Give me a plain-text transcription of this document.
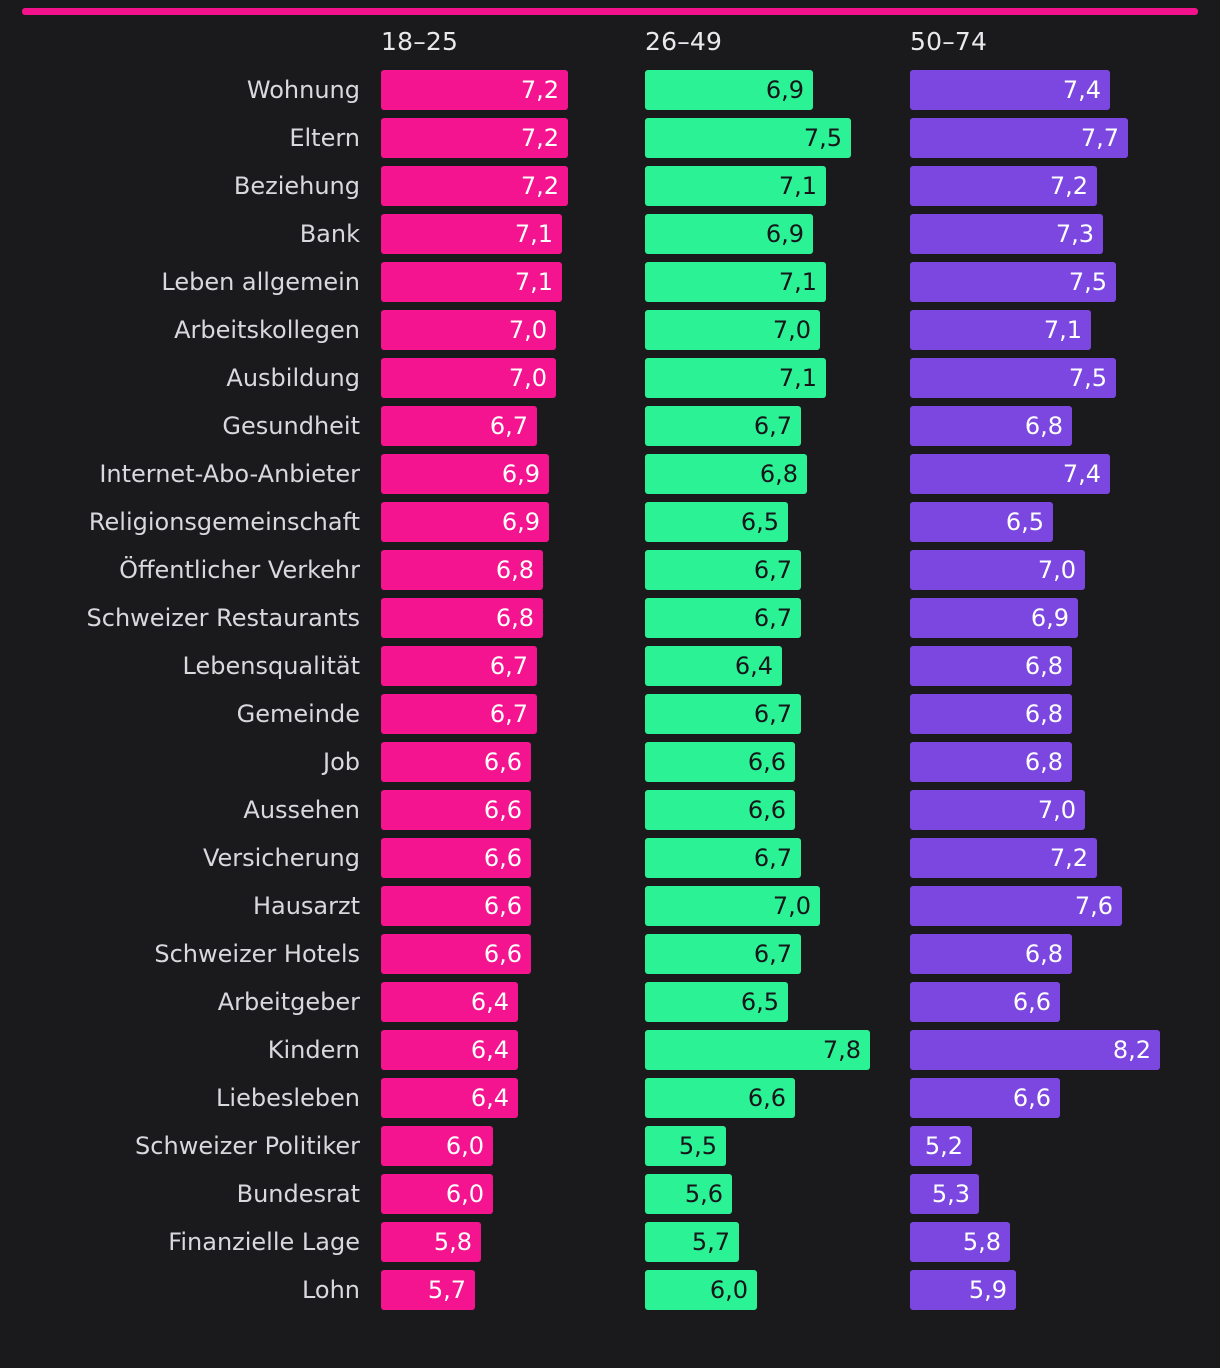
18–25	26–49	50–74
Wohnung	7,2	6,9	7,4
Eltern	7,2	7,5	7,7
Beziehung	7,2	7,1	7,2
Bank	7,1	6,9	7,3
Leben allgemein	7,1	7,1	7,5
Arbeitskollegen	7,0	7,0	7,1
Ausbildung	7,0	7,1	7,5
Gesundheit	6,7	6,7	6,8
Internet-Abo-Anbieter	6,9	6,8	7,4
Religionsgemeinschaft	6,9	6,5	6,5
Öffentlicher Verkehr	6,8	6,7	7,0
Schweizer Restaurants	6,8	6,7	6,9
Lebensqualität	6,7	6,4	6,8
Gemeinde	6,7	6,7	6,8
Job	6,6	6,6	6,8
Aussehen	6,6	6,6	7,0
Versicherung	6,6	6,7	7,2
Hausarzt	6,6	7,0	7,6
Schweizer Hotels	6,6	6,7	6,8
Arbeitgeber	6,4	6,5	6,6
Kindern	6,4	7,8	8,2
Liebesleben	6,4	6,6	6,6
Schweizer Politiker	6,0	5,5	5,2
Bundesrat	6,0	5,6	5,3
Finanzielle Lage	5,8	5,7	5,8
Lohn	5,7	6,0	5,9
